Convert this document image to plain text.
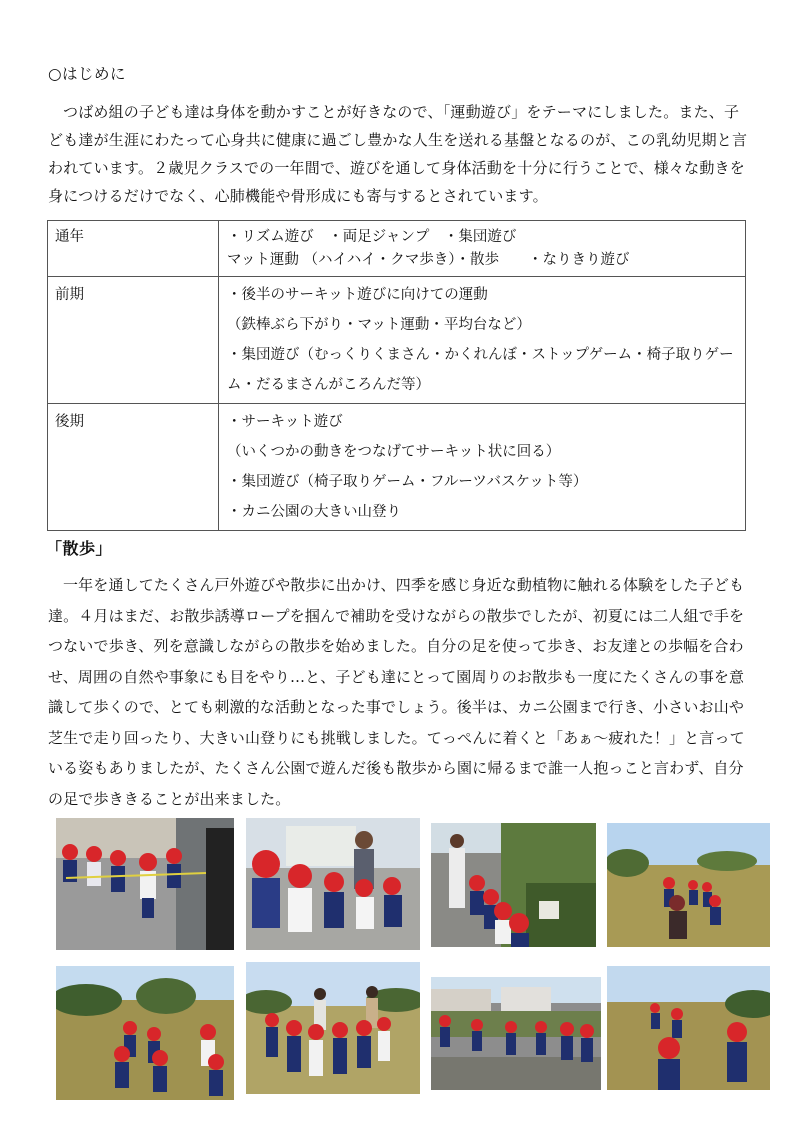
○はじめに

つばめ組の子ども達は身体を動かすことが好きなので、「運動遊び」をテーマにしました。また、子ども達が生涯にわたって心身共に健康に過ごし豊かな人生を送れる基盤となるのが、この乳幼児期と言われています。２歳児クラスでの一年間で、遊びを通して身体活動を十分に行うことで、様々な動きを身につけるだけでなく、心肺機能や骨形成にも寄与するとされています。

通年	・リズム遊び　・両足ジャンプ　・集団遊び
マット運動 （ハイハイ・クマ歩き）・散歩　　・なりきり遊び

前期	・後半のサーキット遊びに向けての運動
（鉄棒ぶら下がり・マット運動・平均台など）
・集団遊び（むっくりくまさん・かくれんぼ・ストップゲーム・椅子取りゲー
ム・だるまさんがころんだ等）

後期	・サーキット遊び
（いくつかの動きをつなげてサーキット状に回る）
・集団遊び（椅子取りゲーム・フルーツバスケット等）
・カニ公園の大きい山登り
「散歩」

一年を通してたくさん戸外遊びや散歩に出かけ、四季を感じ身近な動植物に触れる体験をした子ども達。４月はまだ、お散歩誘導ロープを掴んで補助を受けながらの散歩でしたが、初夏には二人組で手をつないで歩き、列を意識しながらの散歩を始めました。自分の足を使って歩き、お友達との歩幅を合わせ、周囲の自然や事象にも目をやり…と、子ども達にとって園周りのお散歩も一度にたくさんの事を意識して歩くので、とても刺激的な活動となった事でしょう。後半は、カニ公園まで行き、小さいお山や芝生で走り回ったり、大きい山登りにも挑戦しました。てっぺんに着くと「あぁ～疲れた！」と言っている姿もありましたが、たくさん公園で遊んだ後も散歩から園に帰るまで誰一人抱っこと言わず、自分の足で歩ききることが出来ました。
